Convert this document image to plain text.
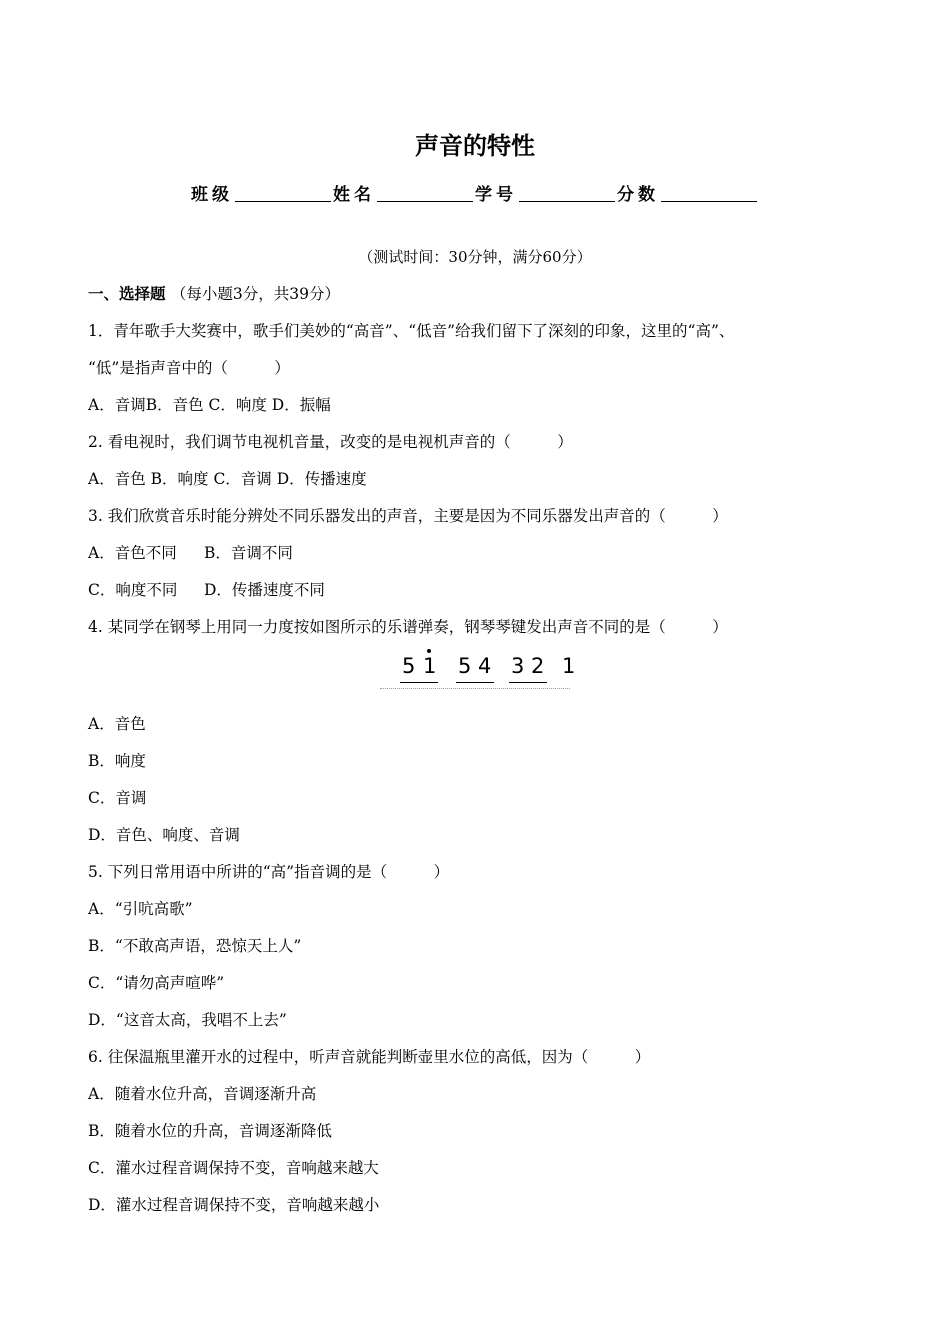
声音的特性
班级	姓名	学号	分数
（测试时间：30分钟，满分60分）
一、选择题 （每小题3分，共39分）
1．青年歌手大奖赛中，歌手们美妙的“高音”、“低音”给我们留下了深刻的印象，这里的“高”、
“低”是指声音中的（　　　）
A．音调B．音色 C．响度 D．振幅
2. 看电视时，我们调节电视机音量，改变的是电视机声音的（　　　）
A．音色 B．响度 C．音调 D．传播速度
3. 我们欣赏音乐时能分辨处不同乐器发出的声音，主要是因为不同乐器发出声音的（　　　）
A．音色不同 B．音调不同
C．响度不同 D．传播速度不同
4. 某同学在钢琴上用同一力度按如图所示的乐谱弹奏，钢琴琴键发出声音不同的是（　　　）
5 1 5 4 3 2 1
A．音色
B．响度
C．音调
D．音色、响度、音调
5. 下列日常用语中所讲的“高”指音调的是（　　　）
A．“引吭高歌”
B．“不敢高声语，恐惊天上人”
C．“请勿高声喧哗”
D．“这音太高，我唱不上去”
6. 往保温瓶里灌开水的过程中，听声音就能判断壶里水位的高低，因为（　　　）
A．随着水位升高，音调逐渐升高
B．随着水位的升高，音调逐渐降低
C．灌水过程音调保持不变，音响越来越大
D．灌水过程音调保持不变，音响越来越小
